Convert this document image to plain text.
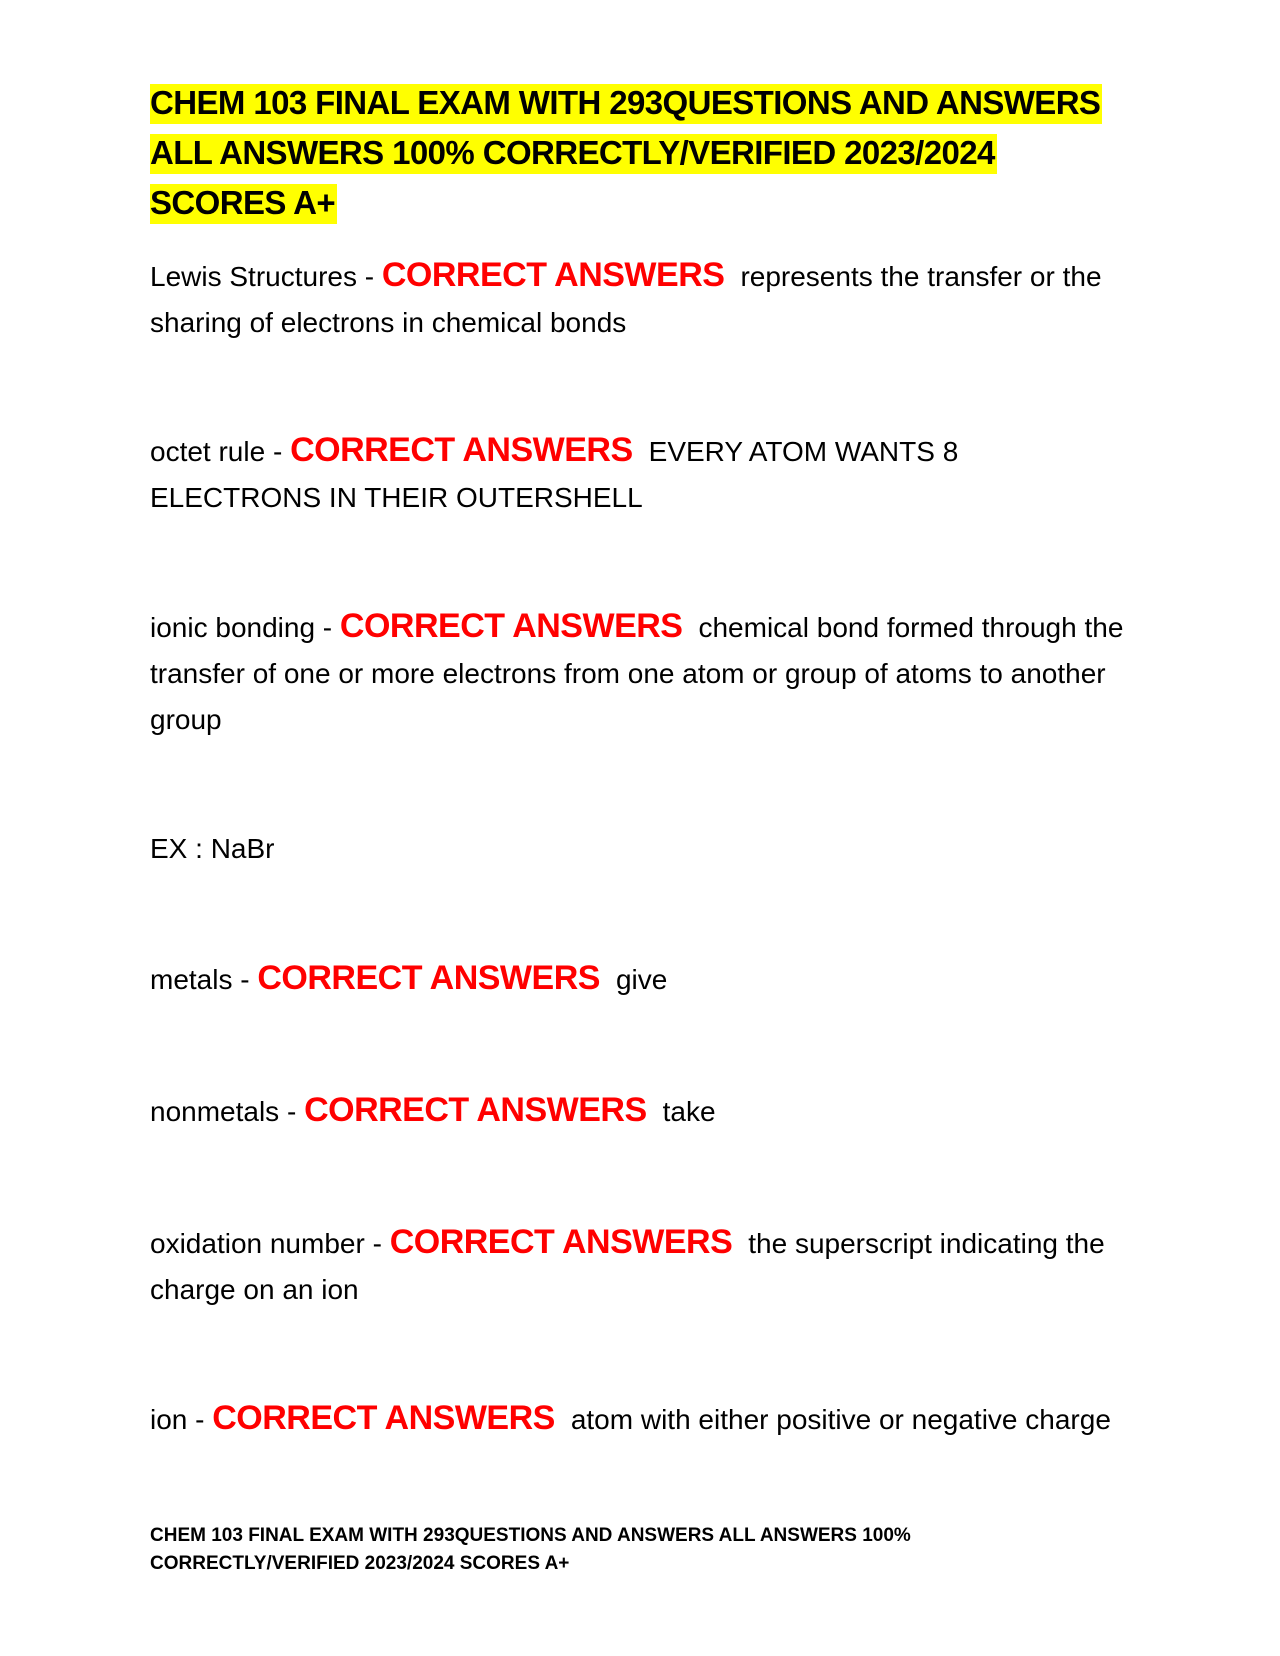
CHEM 103 FINAL EXAM WITH 293QUESTIONS AND ANSWERS ALL ANSWERS 100% CORRECTLY/VERIFIED 2023/2024 SCORES A+

Lewis Structures - CORRECT ANSWERS represents the transfer or the sharing of electrons in chemical bonds

octet rule - CORRECT ANSWERS EVERY ATOM WANTS 8 ELECTRONS IN THEIR OUTERSHELL

ionic bonding - CORRECT ANSWERS chemical bond formed through the transfer of one or more electrons from one atom or group of atoms to another group

EX : NaBr

metals - CORRECT ANSWERS give

nonmetals - CORRECT ANSWERS take

oxidation number - CORRECT ANSWERS the superscript indicating the charge on an ion

ion - CORRECT ANSWERS atom with either positive or negative charge

CHEM 103 FINAL EXAM WITH 293QUESTIONS AND ANSWERS ALL ANSWERS 100% CORRECTLY/VERIFIED 2023/2024 SCORES A+
